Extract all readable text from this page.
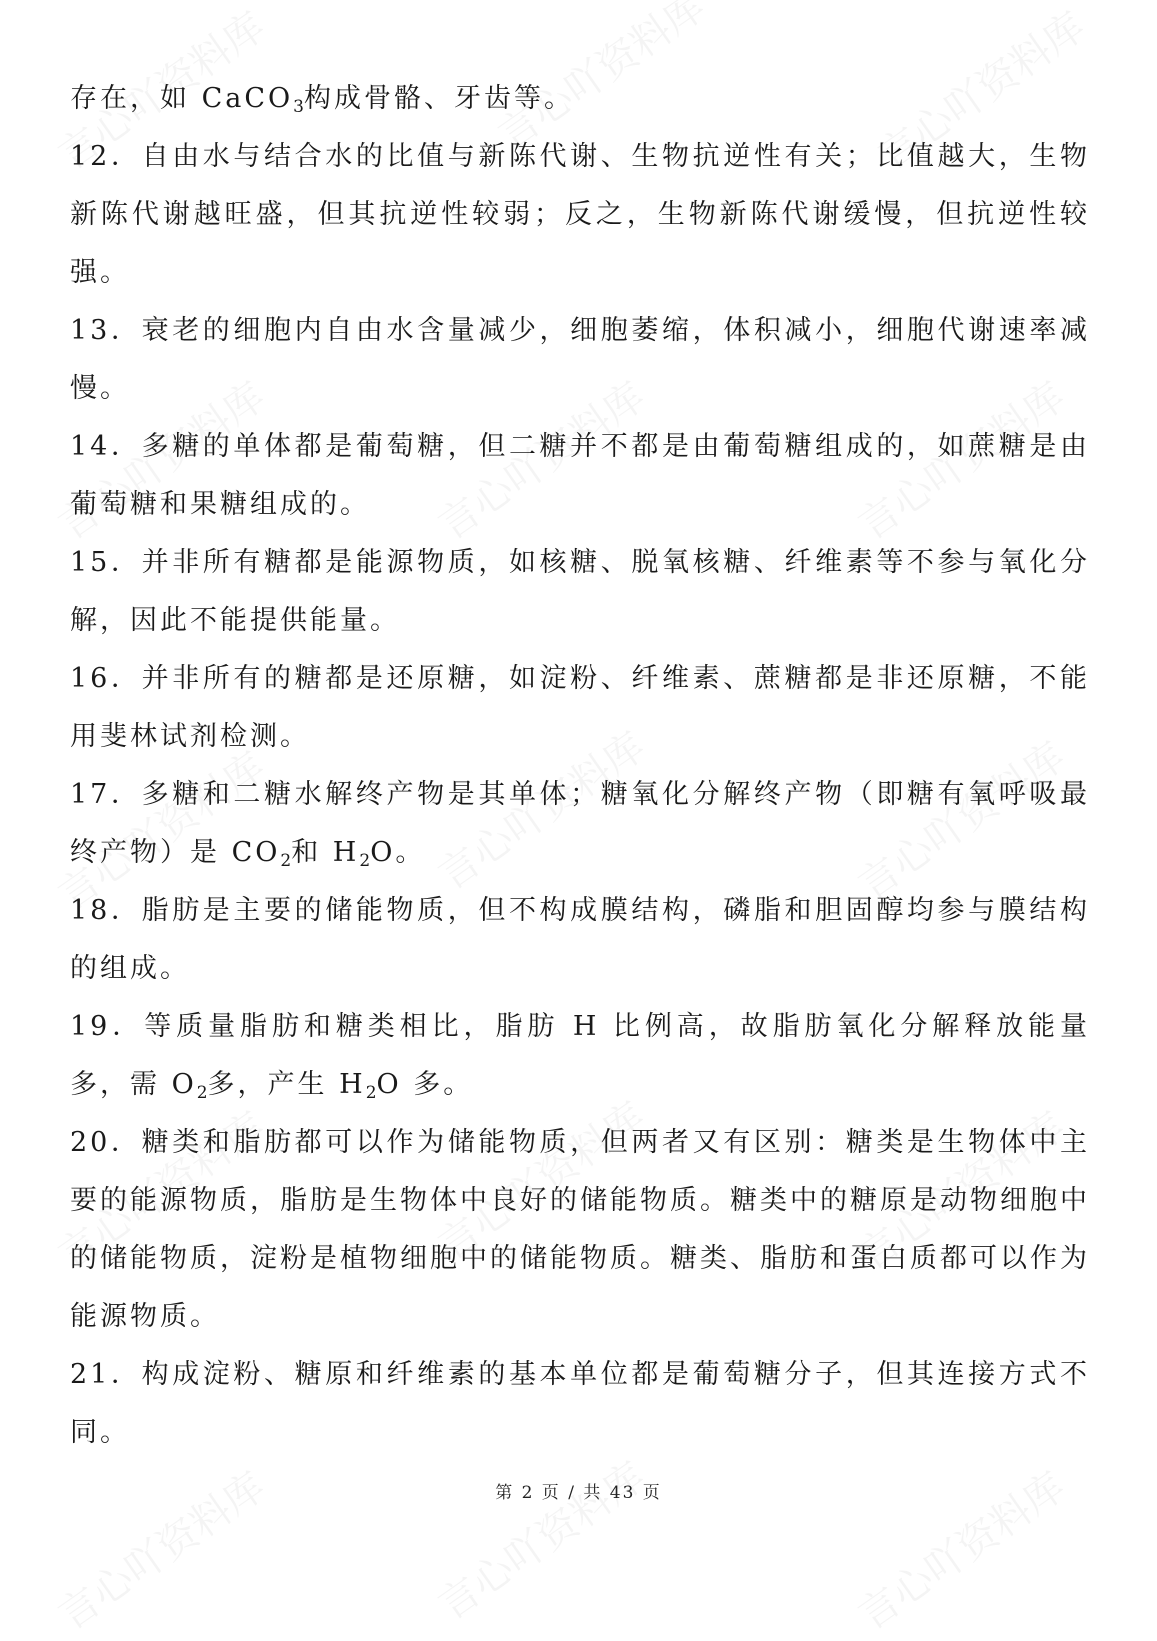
存在，如 CaCO$_3$构成骨骼、牙齿等。
12．自由水与结合水的比值与新陈代谢、生物抗逆性有关；比值越大，生物新陈代谢越旺盛，但其抗逆性较弱；反之，生物新陈代谢缓慢，但抗逆性较强。
13．衰老的细胞内自由水含量减少，细胞萎缩，体积减小，细胞代谢速率减慢。
14．多糖的单体都是葡萄糖，但二糖并不都是由葡萄糖组成的，如蔗糖是由葡萄糖和果糖组成的。
15．并非所有糖都是能源物质，如核糖、脱氧核糖、纤维素等不参与氧化分解，因此不能提供能量。
16．并非所有的糖都是还原糖，如淀粉、纤维素、蔗糖都是非还原糖，不能用斐林试剂检测。
17．多糖和二糖水解终产物是其单体；糖氧化分解终产物（即糖有氧呼吸最终产物）是 $CO_2$和 $H_2O$。
18．脂肪是主要的储能物质，但不构成膜结构，磷脂和胆固醇均参与膜结构的组成。
19．等质量脂肪和糖类相比，脂肪 H 比例高，故脂肪氧化分解释放能量多，需 $O_2$多，产生 $H_2O$ 多。
20．糖类和脂肪都可以作为储能物质，但两者又有区别：糖类是生物体中主要的能源物质，脂肪是生物体中良好的储能物质。糖类中的糖原是动物细胞中的储能物质，淀粉是植物细胞中的储能物质。糖类、脂肪和蛋白质都可以作为能源物质。
21．构成淀粉、糖原和纤维素的基本单位都是葡萄糖分子，但其连接方式不同。
第 2 页 / 共 43 页
